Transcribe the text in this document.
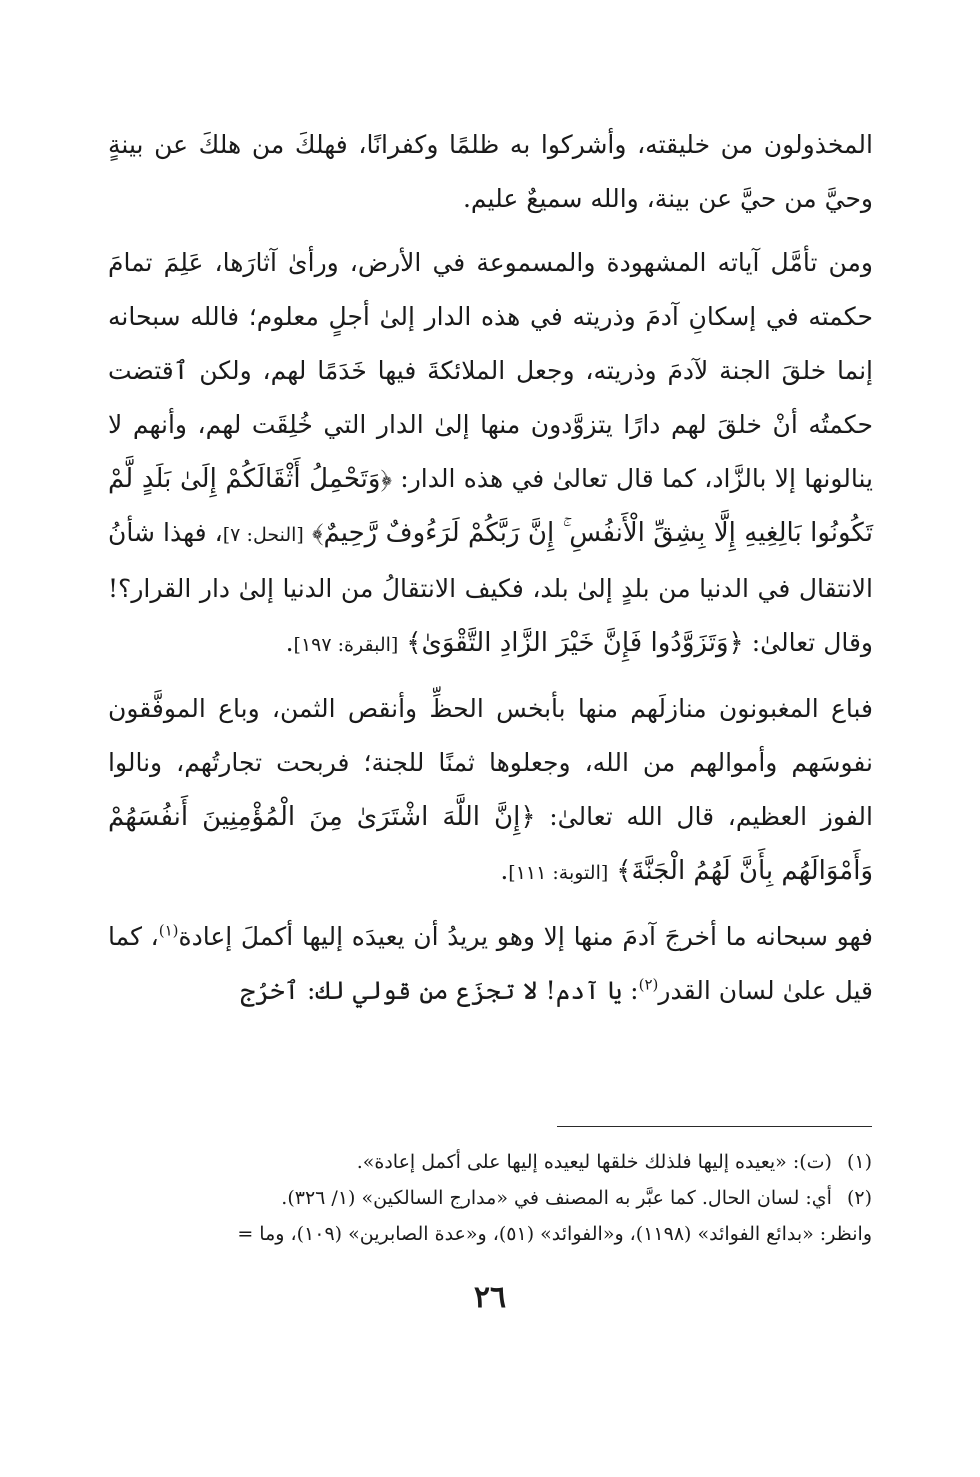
المخذولون من خليقته، وأشركوا به ظلمًا وكفرانًا، فهلكَ من هلكَ عن بينةٍ وحيَّ من حيَّ عن بينة، والله سميعٌ عليم.

ومن تأمَّل آياته المشهودة والمسموعة في الأرض، ورأىٰ آثارَها، عَلِمَ تمامَ حكمته في إسكانِ آدمَ وذريته في هذه الدار إلىٰ أجلٍ معلوم؛ فالله سبحانه إنما خلقَ الجنة لآدمَ وذريته، وجعل الملائكةَ فيها خَدَمًا لهم، ولكن ٱقتضت حكمتُه أنْ خلقَ لهم دارًا يتزوَّدون منها إلىٰ الدار التي خُلِقَت لهم، وأنهم لا ينالونها إلا بالزَّاد، كما قال تعالىٰ في هذه الدار: ﴿وَتَحْمِلُ أَثْقَالَكُمْ إِلَىٰ بَلَدٍ لَّمْ تَكُونُوا بَالِغِيهِ إِلَّا بِشِقِّ الْأَنفُسِ ۚ إِنَّ رَبَّكُمْ لَرَءُوفٌ رَّحِيمٌ﴾ [النحل: ٧]، فهذا شأنُ الانتقال في الدنيا من بلدٍ إلىٰ بلد، فكيف الانتقالُ من الدنيا إلىٰ دار القرار؟! وقال تعالىٰ: ﴿وَتَزَوَّدُوا فَإِنَّ خَيْرَ الزَّادِ التَّقْوَىٰ﴾ [البقرة: ١٩٧].

فباع المغبونون منازلَهم منها بأبخس الحظِّ وأنقص الثمن، وباع الموفَّقون نفوسَهم وأموالهم من الله، وجعلوها ثمنًا للجنة؛ فربحت تجارتُهم، ونالوا الفوز العظيم، قال الله تعالىٰ: ﴿إِنَّ اللَّهَ اشْتَرَىٰ مِنَ الْمُؤْمِنِينَ أَنفُسَهُمْ وَأَمْوَالَهُم بِأَنَّ لَهُمُ الْجَنَّةَ﴾ [التوبة: ١١١].

فهو سبحانه ما أخرجَ آدمَ منها إلا وهو يريدُ أن يعيدَه إليها أكملَ إعادة$^{(١)}$، كما قيل علىٰ لسان القدر$^{(٢)}$: يا آدم! لا تجزَع من قولي لك: ٱخرُج

(١) (ت): «يعيده إليها فلذلك خلقها ليعيده إليها على أكمل إعادة».

(٢) أي: لسان الحال. كما عبَّر به المصنف في «مدارج السالكين» (١/ ٣٢٦).

وانظر: «بدائع الفوائد» (١١٩٨)، و«الفوائد» (٥١)، و«عدة الصابرين» (١٠٩)، وما =

٢٦
